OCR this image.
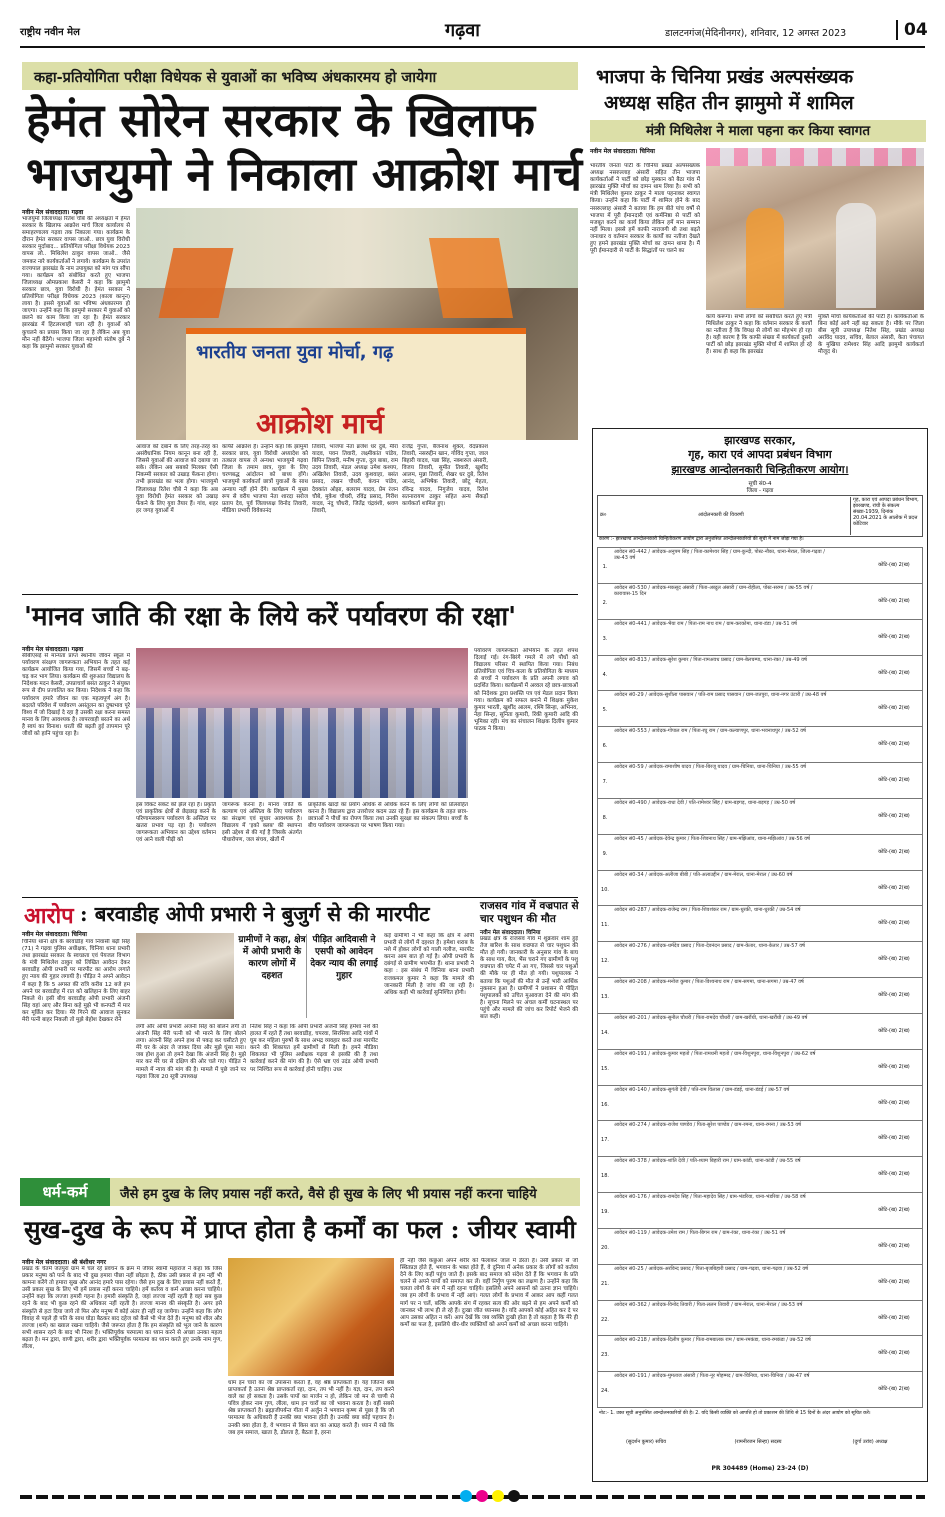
राष्ट्रीय नवीन मेल	गढ़वा	डालटनगंज(मेदिनीनगर), शनिवार, 12 अगस्त 2023	04
कहा-प्रतियोगिता परीक्षा विधेयक से युवाओं का भविष्य अंधकारमय हो जायेगा
हेमंत सोरेन सरकार के खिलाफ
भाजयुमो ने निकाला आक्रोश मार्च
नवीन मेल संवाददाता। गढ़वा
भाजयुमो जिलाध्यक्ष रितेश चौबे की अध्यक्षता में हेमंत सरकार के खिलाफ आक्रोश मार्च जिला कार्यालय से समाहरणालय गढ़वा तक निकाला गया। कार्यक्रम के दौरान हेमंत सरकार वापस जाओ.. छात्र युवा विरोधी सरकार मुर्दाबाद... प्रतियोगिता परीक्षा विधेयक 2023 वापस लो.. मिथिलेश ठाकुर वापस जाओ.. जैसे जमकर नारे कार्यकर्ताओं ने लगाये। कार्यक्रम के उपरांत राज्यपाल झारखंड के नाम उपायुक्त को मांग पत्र सौंपा गया। कार्यक्रम को संबोधित करते हुए भाजपा जिलाध्यक्ष ओमप्रकाश केसरी ने कहा कि झामुमो सरकार छात्र, युवा विरोधी है। हेमंत सरकार ने प्रतियोगिता परीक्षा विधेयक 2023 (काला कानून) लाया है। इससे युवाओं का भविष्य अंधकारमय हो जाएगा। उन्होंने कहा कि झामुमो सरकार में युवाओं को छलने का काम किया जा रहा है। हेमंत सरकार झारखंड में हिटलरशाही चला रही है। युवाओं को कुचलने का प्रयास किया जा रहा है लेकिन अब युवा मौन नहीं बैठेंगे। भाजपा जिला महामंत्री संतोष दुबे ने कहा कि झामुमो सरकार युवाओं की	भारतीय जनता युवा मोर्चा, गढ़
आक्रोश मार्च
आवाज को दबाने के लिए तरह-तरह का असंवैधानिक नियम कानून बना रही है, जिससे युवाओं की आवाज को दबाया जा सके। लेकिन अब सबको मिलकर ऐसी निकम्मी सरकार को उखाड़ फेंकना होगा। तभी झारखंड का भला होगा। भाजयुमो जिलाध्यक्ष रितेश चौबे ने कहा कि अब युवा विरोधी हेमंत सरकार को उखाड़ फेंकने के लिए युवा तैयार हैं। गांव, शहर हर जगह युवाओं में
काफी आक्रोश है। उन्होंने कहा कि झामुमो सरकार छात्र, युवा विरोधी अध्यादेश को तत्काल वापस ले अन्यथा भाजयुमो गढ़वा जिला के तमाम छात्र, युवा के लिए चरणबद्ध आंदोलन को बाध्य होंगे। भाजयुमो कार्यकर्ता छात्रों युवाओं के साथ अन्याय नहीं होने देंगे। कार्यक्रम में मुख्य रूप से वरीय भाजपा नेता शारदा सरोज प्रताप देव, पूर्व जिलाध्यक्ष विनोद तिवारी, मीडिया प्रभारी विवेकानंद
तिवारी, भाजपा नेता ब्रजेश धर दुबे, मीरा यादव, पवन तिवारी, लक्ष्मीकांत पांडेय, बिपिन तिवारी, मनीष गुप्ता, दुल बाबा, राम उदय तिवारी, मंडल अध्यक्ष उमेश कश्यप, अखिलेश तिवारी, उदय कुशवाहा, बसंत प्रसाद, लखन चौधरी, कंचन पांडेय, देवकांत ओझा, बलराम यादव, प्रेम रंजन चौबे, मुकेश चौधरी, रविंद्र प्रसाद, गिरीश यादव, नंदु चौधरी, जितेंद्र चंद्रवंशी, श्रवण तिवारी,
राजेंद्र गुप्ता, बैजनाथ शुक्ल, वेदप्रकाश तिवारी, नसरुद्दीन खान, गोविंद गुप्ता, जाल बिहारी यादव, पन्ना सिंह, नक्शरुल अंसारी, विजय तिवारी, सुमीत तिवारी, खुर्शीद आलम, मुन्ना तिवारी, शेखर धर दुबे, रितेश आनंद, अभिषेक तिवारी, छोटू मेहता, रविन्द्र यादव, निगुजेय यादव, रितेश सतनारायण ठाकुर सहित अन्य सैकड़ों कार्यकर्ता शामिल हुए।
'मानव जाति की रक्षा के लिये करें पर्यावरण की रक्षा'
नवीन मेल संवाददाता। गढ़वा
सीबीएसई से मान्यता प्राप्त स्थानीय जीवन स्कूल में पर्यावरण संरक्षण जागरूकता अभियान के तहत कई कार्यक्रम आयोजित किया गया, जिसमें बच्चों ने बढ़-चढ़ कर भाग लिया। कार्यक्रम की शुरुआत विद्यालय के निदेशक मदन केसरी, उपप्राचार्य बसंत ठाकुर ने संयुक्त रूप से दीप प्रज्वलित कर किया। निदेशक ने कहा कि पर्यावरण हमारे जीवन का एक महत्वपूर्ण अंग है। बदलते परिवेश में पर्यावरण असंतुलन का दुष्प्रभाव पूरे विश्व में जो दिखाई दे रहा है उसकी रक्षा करना समस्त मानव के लिए आवश्यक है। लापरवाही बरतने का अर्थ है स्वयं का विनाश। धरती की बढ़ती हुई तापमान पूरे जीवों को हानि पहुंचा रहा है।
पर्यावरण जागरूकता अभियान के तहत शपथ दिलाई गई। रंग-बिरंगे गमले में लगे पौधों को विद्यालय परिसर में स्थापित किया गया। निबंध प्रतियोगिता एवं चित्र-कला के प्रतियोगिता के माध्यम से बच्चों ने पर्यावरण के प्रति अपनी लगाव को प्रदर्शित किया। कार्यक्रमों में अव्वल रहे छात्र-छात्राओं को निदेशक द्वारा प्रशस्ति पत्र एवं मेडल प्रदान किया गया। कार्यक्रम को सफल बनाने में शिक्षक मुकेश कुमार भारती, खुर्शीद आलम, रश्मि सिन्हा, अभिनव, नेहा सिन्हा, सुनिता कुमारी, रिंकी कुमारी आदि की भूमिका रही। मंच का संचालन शिक्षक दिलीप कुमार पाठक ने किया।
इस विकट संकट को झेल रहा है। प्रकृति एवं प्राकृतिक क्षेत्रों से छेड़छाड़ करने के परिणामस्वरूप पर्यावरण के अस्तित्व पर खतरा प्रभाव पड़ रहा है। पर्यावरण जागरूकता अभियान का उद्देश्य वर्तमान एवं आने वाली पीढ़ी को
जागरूक करना है। मानव जाति के कल्याण एवं अस्तित्व के लिए पर्यावरण का संरक्षण एवं सुधार आवश्यक है। विद्यालय में 'इको क्लब' की स्थापना इसी उद्देश्य से की गई है जिसके अंतर्गत पौधारोपण, जल संचय, खेतों में
प्राकृतिक खादों का प्रयोग अधिक से अधिक करने के लिए लोगों को प्रोत्साहित करना है। विद्यालय द्वारा उत्तरोत्तर कदम उठा रहे हैं। इस कार्यक्रम के तहत छात्र-छात्राओं ने पौधों का रोपण किया तथा उनकी सुरक्षा का संकल्प लिया। बच्चों के बीच पर्यावरण जागरूकता पर भाषण किया गया।
आरोप : बरवाडीह ओपी प्रभारी ने बुजुर्ग से की मारपीट
नवीन मेल संवाददाता। चिनिया
चिनिया थाना क्षेत्र के बरवाडीह गांव निवासी बढ़ी सिंह (71) ने गढ़वा पुलिस अधीक्षक, चिनिया थाना प्रभारी तथा झारखंड सरकार के स्वच्छता एवं पेयजल विभाग के मंत्री मिथिलेश ठाकुर को लिखित आवेदन देकर बरवाडीह ओपी प्रभारी पर मारपीट का आरोप लगाते हुए न्याय की गुहार लगायी है। पीड़ित ने अपने आवेदन में कहा है कि 5 अगस्त की रात्रि करीब 12 बजे हम अपने घर बरवाडीह में रात को खलिहान के लिए बाहर निकले थे। इसी बीच बरवाडीह ओपी प्रभारी अंजनी सिंह वहां आए और बिना कहे मुझे भी कनपटी में मार कर मूर्छित कर दिया। मेरे गिरने की आवाज सुनकर मेरी पत्नी बाहर निकली तो मुझे बेहोश देखकर रोने
ग्रामीणों ने कहा, क्षेत्र में ओपी प्रभारी के कारण लोगों में दहशत
पीड़ित आदिवासी ने एसपी को आवेदन देकर न्याय की लगाई गुहार
लगी और ओपी प्रभारी अंजनी सिंह को बोलने लगी तो अंजनी सिंह मेरी पत्नी को भी मारने के लिए बोलने लगा। अंजनी सिंह अपने हाथ से पकड़ कर घसीटते हुए मेरे घर के अंदर ले जाकर दिया और मुझे घूंसा मारा। जब होश हुआ तो हमने देखा कि अंजनी सिंह है। मुझे मार कर मेरे घर से दक्षिण की ओर चले गए। पीड़ित ने मामले में न्याय की मांग की है। मामले में पूछे जाने पर गढ़वा जिला 20 सूत्री उपाध्यक्ष
नितेश सिंह ने कहा कि ओपी प्रभारी अंजनी सिंह हमेशा नशे की हालत में रहते हैं तथा बरवाडीह, चपरवा, सिरसिया आदि गांवों में घूम कर महिला पुरुषों के साथ अभद्र व्यवहार करते तथा मारपीट करने की शिकायत हमें ग्रामीणों से मिली है। हमने मीडिया शिकायत भी पुलिस अधीक्षक गढ़वा से इसकी की है तथा कार्रवाई करने की मांग की है। ऐसे भ्रष्ट एवं उदंड ओपी प्रभारी पर निश्चित रूप से कार्रवाई होनी चाहिए। उधर
कई ग्रामीणों ने भी कहा कि क्षेत्र में ओपी प्रभारी से लोगों में दहशत है। हमेशा शराब के नशे में होकर लोगों को गाली गलौज, मारपीट करना आम बात हो गई है। ओपी प्रभारी के दबंगई से ग्रामीण भयभीत हैं। थाना प्रभारी ने कहा : इस संबंध में चिनिया थाना प्रभारी राजकमल कुमार ने कहा कि मामले की जानकारी मिली है जांच की जा रही है। अधिक कहीं भी कार्रवाई सुनिश्चित होगी।
राजसव गांव में वज्रपात से चार पशुधन की मौत
नवीन मेल संवाददाता। चिनिया
प्रखंड क्षेत्र के राजसव गांव में शुक्रवार शाम हुई तेज बारिश के साथ वज्रपात से चार पशुधन की मौत हो गयी। जानकारी के अनुसार गांव के बाघ के साथ गाय, बैल, भैंस चराने गए ग्रामीणों के पशु वज्रपात की चपेट में आ गए, जिससे चार पशुओं की मौके पर ही मौत हो गयी। पशुपालक ने बताया कि पशुओं की मौत से उन्हें भारी आर्थिक नुकसान हुआ है। ग्रामीणों ने प्रशासन से पीड़ित पशुपालकों को उचित मुआवजा देने की मांग की है। सूचना मिलने पर अंचल कर्मी घटनास्थल पर पहुंचे और मामले की जांच कर रिपोर्ट भेजने की बात कही।
धर्म-कर्म	जैसे हम दुख के लिए प्रयास नहीं करते, वैसे ही सुख के लिए भी प्रयास नहीं करना चाहिये
सुख-दुख के रूप में प्राप्त होता है कर्मों का फल : जीयर स्वामी
नवीन मेल संवाददाता। श्री बंशीधर नगर
प्रखंड के चेतमे जतपुरा ग्राम में चल रहे प्रवचन के क्रम में जीयर स्वामी महाराज ने कहा कि जिस प्रकार मनुष्य को पाने के बाद भी दुख हमारा पीछा नहीं छोड़ता है, ठीक उसी प्रकार से हम नहीं भी कामना करेंगे तो हमारा सुख और आनंद हमारे पास रहेगा। जैसे हम दुख के लिए प्रयास नहीं करते हैं, उसी प्रकार सुख के लिए भी हमें प्रयास नहीं करना चाहिये। हमें कर्तव्य व कर्म अच्छा करना चाहिये। उन्होंने कहा कि लज्जा हमारी गहना है। हमारी संस्कृति है, जहां लज्जा नहीं रहती है वहां सब कुछ रहने के बाद भी कुछ रहने की अधिकार नहीं रहती है। लज्जा मानव की संस्कृति है। अगर इसे संस्कृति से हटा दिया जाये तो फिर और मनुष्य में कोई अंतर ही नहीं रह जायेगा। उन्होंने कहा कि लोग विवाह से पहले ही पति के साथ घोड़ा बैठकर बाद दहेज को कैसे भी भेज देते हैं। मनुष्य को शील और लज्जा (शर्म) का ख्याल रखना चाहिये। जैसे जरूरत होता है कि हम संस्कृति को भूल जाने के कारण सभी शासन रहने के बाद भी निरश हैं। भक्तिपूर्वक परमात्मा का ध्यान करने से अच्छा उनका महत्व बढ़ता है। मन द्वारा, वाणी द्वारा, शरीर द्वारा भक्तिपूर्वक परमात्मा का ध्यान करते हुए उनके नाम गुण, लीला,
धाम इन चारों का जो उपासना करता है, वह श्रेष्ठ प्राप्तकर्ता है। यह जितना श्रेष्ठ प्राप्तकर्ता है उतना श्रेष्ठ प्राप्तकर्ता रहा, दान, तप भी नहीं है। यज्ञ, दान, तप करने वाले का हो सकता है। उसके पापों का मार्जन न हो, लेकिन जो मन से चाणी से पवित्र होकर नाम गुण, लीला, धाम इन चारों का जो भावना करता है। वहीं सबसे श्रेष्ठ प्राप्तकर्ता है। ब्रह्माजीपर्यन्त गीता में अर्जुन ने भगवान कृष्ण से पूछा है कि जो परमात्मा के अधिकारी हैं उनकी क्या भावना होती है। उनकी क्या कोई पहचान है। उनकी क्या होता है, वे भगवान से किस बात का आग्रह करते हैं। ध्यान में रखे कि जब हम समाज, खाता है, डोलता है, बैठता है, हरना
ही नहीं जैसे कछुआ अपने शरीर को फैलाकर जाल में डेरता है। उसी प्रकार से जो स्थितप्रज्ञ होते हैं, भगवान के भक्त होते हैं, वे दुनिया में अनेक प्रकार के लोगों को कर्तव्य देने के लिए कहीं पहुंच जाते हैं। इसके बाद समाज को संदेश देते हैं कि भगवान के प्रति चलने से अपने पापों को समाप्त कर लें। वहीं निर्गुण पुरुष का लक्षण है। उन्होंने कहा कि चलता लोगों के संग में नहीं रहना चाहिये। इसलिये अपने आसनों को उतना ज्ञान चाहिये। जब हम लोगों के प्रभाव में नहीं आएं। गलत लोगों के प्रभाव में आकर आप कहीं गलत मार्ग पर न चलें, बल्कि आपके संग में रहकर सत्य की ओर बढ़ने से हम अपने कर्मों को जानकर भी लाभ ही ले रहे हैं। दुःखा जीत ध्यानस्थ है। यदि आपको कोई अहित कर दे पर आप उसका अहित न करें। आप देखें कि जब व्यक्ति दुःखी होता है तो कहता है कि मेरे ही कर्मों का फल है, इसलिये धीर-धीर व्यक्तियों को अपने कर्मों को अच्छा करना चाहिये।
भाजपा के चिनिया प्रखंड अल्पसंख्यक
अध्यक्ष सहित तीन झामुमो में शामिल
मंत्री मिथिलेश ने माला पहना कर किया स्वागत
नवीन मेल संवाददाता। चिनिया
भारतीय जनता पार्टी के चिनिया प्रखंड अल्पसंख्यक अध्यक्ष नसरुल्लाह अंसारी सहित तीन भाजपा कार्यकर्ताओं ने पार्टी को छोड़ मुस्कान को बैठा गांव में झारखंड मुक्ति मोर्चा का दामन थाम लिया है। सभी को मंत्री मिथिलेश कुमार ठाकुर ने माला पहनाकर स्वागत किया। उन्होंने कहा कि पार्टी में शामिल होने के बाद नसरुल्लाह अंसारी ने बताया कि हम बीते पांच वर्षों से भाजपा में पूरी ईमानदारी एवं कर्मनिष्ठा से पार्टी को मजबूत करने का कार्य किया लेकिन हमें मान सम्मान नहीं मिला। इससे हमें काफी नाराजगी थी तथा बढ़ते जनाधार व वर्तमान सरकार के कार्यों का नतीजा देखते हुए हमने झारखंड मुक्ति मोर्चा का दामन थामा है। मैं पूरी ईमानदारी से पार्टी के सिद्धांतों पर चलने का
कार्य करूंगा। सभी लोगों को संबोधित करते हुए मंत्री मिथिलेश ठाकुर ने कहा कि वर्तमान सरकार के कार्यों का नतीजा है कि विपक्ष से लोगों का मोहभंग हो रहा है। यही कारण है कि काफी संख्या में कार्यकर्ता दूसरी पार्टी को छोड़ झारखंड मुक्ति मोर्चा में शामिल हो रहे हैं। साथ ही कहा कि झारखंड
मुक्ति मोर्चा कार्यकर्ताओं की पार्टी है। कार्यकर्ताओं के बिना कोई आगे नहीं बढ़ सकता है। मौके पर जिला बीस सूत्री उपाध्यक्ष नितेश सिंह, प्रखंड अध्यक्ष अरविंद यादव, सचिव, बेलाल अंसारी, केता पंचायत के मुखिया रामेश्वर सिंह आदि झामुमो कार्यकर्ता मौजूद थे।
झारखण्ड सरकार,
गृह, कारा एवं आपदा प्रबंधन विभाग
झारखण्ड आन्दोलनकारी चिन्हितीकरण आयोग।
सूची सं0-4
जिला - गढ़वा
क्र०	आंदोलनकारी की विवरणी
गृह, कारा एवं आपदा प्रबंधन विभाग, झारखण्ड, रांची के संकल्प संख्या-1939, दिनांक 20.04.2021 के आलोक में प्रदत्त कोटिवार
कारण :- झारखण्ड आन्दोलनकारी चिन्हितीकरण आयोग द्वारा अनुशंसित आन्दोलनकारियों की सूची में नाम जोड़ा गया है।
1.
आवेदन सं0-442 / आवेदक-अनुपम सिंह / पिता-कामेश्वर सिंह / ग्राम-कुन्दी, पोस्ट-नौका, थाना-मेराल, जिला-गढ़वा / उम्र-43 वर्ष
कोटि-(ख) 2(ख)
2.
आवेदन सं0-530 / आवेदक-मकसूद अंसारी / पिता-अब्दुल अंसारी / ग्राम-रोहीला, पोस्ट-सरमा / उम्र-55 वर्ष / कारावास-15 दिन
कोटि-(ख) 2(ख)
3.
आवेदन सं0-441 / आवेदक-भैया राम / पिता-राम नाथ राम / ग्राम-करकोमा, थाना-डंडा / उम्र-51 वर्ष
कोटि-(ख) 2(ख)
4.
आवेदन सं0-813 / आवेदक-सुरेश कुमार / पिता-रामअवध प्रसाद / ग्राम-बेलचम्पा, थाना-रंका / उम्र-49 वर्ष
कोटि-(ख) 2(ख)
5.
आवेदन सं0-29 / आवेदक-सुशीला पासवान / पति-राम प्रसाद पासवान / ग्राम-जतपुरा, थाना-नगर उंटारी / उम्र-48 वर्ष
कोटि-(ख) 2(ख)
6.
आवेदन सं0-553 / आवेदक-गोपाल राम / पिता-रघु राम / ग्राम-कल्याणपुर, थाना-भवनाथपुर / उम्र-52 वर्ष
कोटि-(ख) 2(ख)
7.
आवेदन सं0-59 / आवेदक-रामाशीष यादव / पिता-बिरजू यादव / ग्राम-चिनिया, थाना-चिनिया / उम्र-55 वर्ष
कोटि-(ख) 2(ख)
8.
आवेदन सं0-490 / आवेदक-राधा देवी / पति-रामेश्वर सिंह / ग्राम-बड़गड़, थाना-बड़गड़ / उम्र-50 वर्ष
कोटि-(ख) 2(ख)
9.
आवेदन सं0-45 / आवेदक-देवेन्द्र कुमार / पिता-शिवनाथ सिंह / ग्राम-मझिआंव, थाना-मझिआंव / उम्र-56 वर्ष
कोटि-(ख) 2(ख)
10.
आवेदन सं0-34 / आवेदक-अलीजा बीबी / पति-अलाउद्दीन / ग्राम-मेराल, थाना-मेराल / उम्र-60 वर्ष
कोटि-(ख) 2(ख)
11.
आवेदन सं0-287 / आवेदक-राजेन्द्र राम / पिता-शिवशंकर राम / ग्राम-धुरकी, थाना-धुरकी / उम्र-54 वर्ष
कोटि-(ख) 2(ख)
12.
आवेदन सं0-276 / आवेदक-धर्मदेव प्रसाद / पिता-देवनंदन प्रसाद / ग्राम-केतार, थाना-केतार / उम्र-57 वर्ष
कोटि-(ख) 2(ख)
13.
आवेदन सं0-208 / आवेदक-मनोज कुमार / पिता-विश्वनाथ राम / ग्राम-सगमा, थाना-सगमा / उम्र-47 वर्ष
कोटि-(ख) 2(ख)
14.
आवेदन सं0-201 / आवेदक-सुनील चौधरी / पिता-रामदेव चौधरी / ग्राम-खरौंधी, थाना-खरौंधी / उम्र-49 वर्ष
कोटि-(ख) 2(ख)
15.
आवेदन सं0-191 / आवेदक-कुमार महतो / पिता-रामधनी महतो / ग्राम-विशुनपुरा, थाना-विशुनपुरा / उम्र-62 वर्ष
कोटि-(ख) 2(ख)
16.
आवेदन सं0-140 / आवेदक-सुगंती देवी / पति-राम विलास / ग्राम-डंडई, थाना-डंडई / उम्र-57 वर्ष
कोटि-(ख) 2(ख)
17.
आवेदन सं0-274 / आवेदक-राजेश पाण्डेय / पिता-सुरेश पाण्डेय / ग्राम-रमना, थाना-रमना / उम्र-53 वर्ष
कोटि-(ख) 2(ख)
18.
आवेदन सं0-378 / आवेदक-शांति देवी / पति-श्याम बिहारी राम / ग्राम-कांडी, थाना-कांडी / उम्र-55 वर्ष
कोटि-(ख) 2(ख)
19.
आवेदन सं0-176 / आवेदक-रामदेव सिंह / पिता-महादेव सिंह / ग्राम-भंडरिया, थाना-भंडरिया / उम्र-58 वर्ष
कोटि-(ख) 2(ख)
20.
आवेदन सं0-119 / आवेदक-उमेश राम / पिता-बिगन राम / ग्राम-रंका, थाना-रंका / उम्र-51 वर्ष
कोटि-(ख) 2(ख)
21.
आवेदन सं0-25 / आवेदक-अरविन्द प्रसाद / पिता-बृजबिहारी प्रसाद / ग्राम-गढ़वा, थाना-गढ़वा / उम्र-52 वर्ष
कोटि-(ख) 2(ख)
22.
आवेदन सं0-362 / आवेदक-विनोद तिवारी / पिता-ललन तिवारी / ग्राम-मेराल, थाना-मेराल / उम्र-53 वर्ष
कोटि-(ख) 2(ख)
23.
आवेदन सं0-218 / आवेदक-दिलीप कुमार / पिता-रामबालक राम / ग्राम-रमकंडा, थाना-रमकंडा / उम्र-52 वर्ष
कोटि-(ख) 2(ख)
24.
आवेदन सं0-191 / आवेदक-मुमताज अंसारी / पिता-नूर मोहम्मद / ग्राम-चिनिया, थाना-चिनिया / उम्र-47 वर्ष
कोटि-(ख) 2(ख)
नोट:- 1. उक्त सूची अनुशंसित आन्दोलनकारियों की है। 2. यदि किसी व्यक्ति को आपत्ति हो तो प्रकाशन की तिथि से 15 दिनों के अंदर आयोग को सूचित करें।
(सुदर्शन कुमार) सचिव	(रामनीरजन सिन्हा) सदस्य	(दुर्गा उरांव) अध्यक्ष
PR 304489 (Home) 23-24 (D)
